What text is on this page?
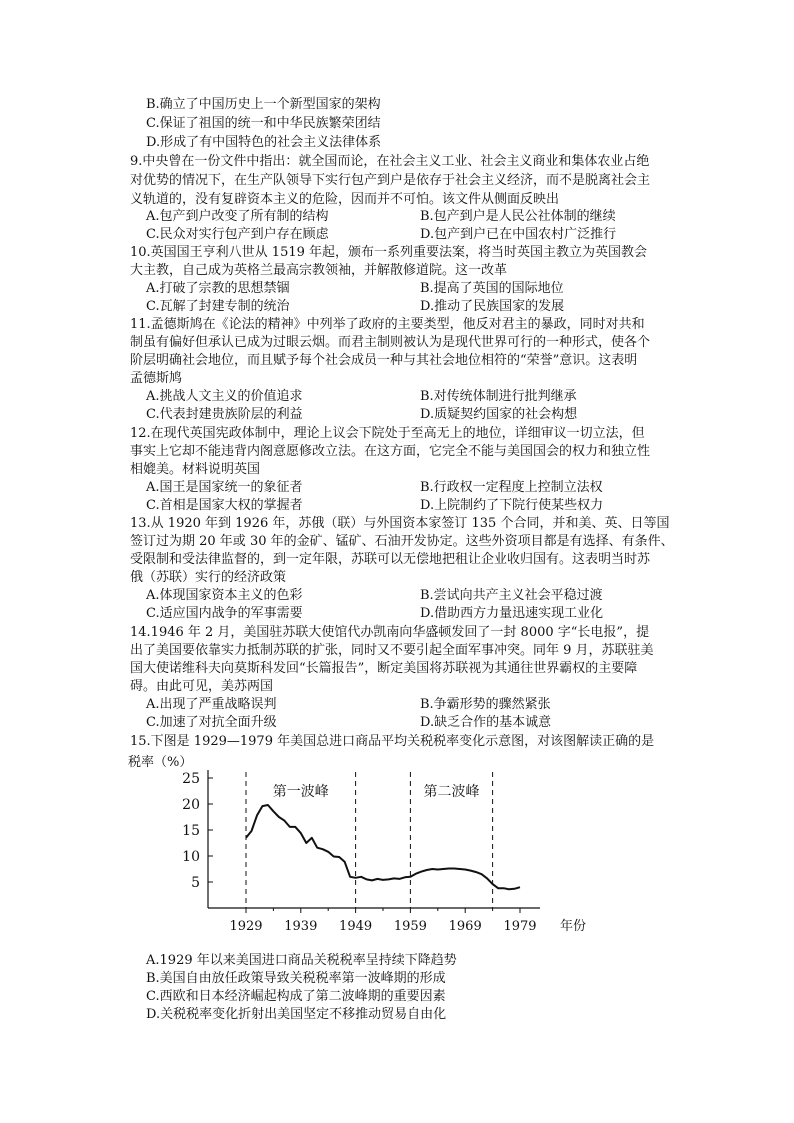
B.确立了中国历史上一个新型国家的架构
C.保证了祖国的统一和中华民族繁荣团结
D.形成了有中国特色的社会主义法律体系
9.中央曾在一份文件中指出：就全国而论，在社会主义工业、社会主义商业和集体农业占绝
对优势的情况下，在生产队领导下实行包产到户是依存于社会主义经济，而不是脱离社会主
义轨道的，没有复辟资本主义的危险，因而并不可怕。该文件从侧面反映出
A.包产到户改变了所有制的结构	B.包产到户是人民公社体制的继续
C.民众对实行包产到户存在顾虑	D.包产到户已在中国农村广泛推行
10.英国国王亨利八世从 1519 年起，颁布一系列重要法案，将当时英国主教立为英国教会
大主教，自己成为英格兰最高宗教领袖，并解散修道院。这一改革
A.打破了宗教的思想禁锢	B.提高了英国的国际地位
C.瓦解了封建专制的统治	D.推动了民族国家的发展
11.孟德斯鸠在《论法的精神》中列举了政府的主要类型，他反对君主的暴政，同时对共和
制虽有偏好但承认已成为过眼云烟。而君主制则被认为是现代世界可行的一种形式，使各个
阶层明确社会地位，而且赋予每个社会成员一种与其社会地位相符的“荣誉”意识。这表明
孟德斯鸠
A.挑战人文主义的价值追求	B.对传统体制进行批判继承
C.代表封建贵族阶层的利益	D.质疑契约国家的社会构想
12.在现代英国宪政体制中，理论上议会下院处于至高无上的地位，详细审议一切立法，但
事实上它却不能违背内阁意愿修改立法。在这方面，它完全不能与美国国会的权力和独立性
相媲美。材料说明英国
A.国王是国家统一的象征者	B.行政权一定程度上控制立法权
C.首相是国家大权的掌握者	D.上院制约了下院行使某些权力
13.从 1920 年到 1926 年，苏俄（联）与外国资本家签订 135 个合同，并和美、英、日等国
签订过为期 20 年或 30 年的金矿、锰矿、石油开发协定。这些外资项目都是有选择、有条件、
受限制和受法律监督的，到一定年限，苏联可以无偿地把租让企业收归国有。这表明当时苏
俄（苏联）实行的经济政策
A.体现国家资本主义的色彩	B.尝试向共产主义社会平稳过渡
C.适应国内战争的军事需要	D.借助西方力量迅速实现工业化
14.1946 年 2 月，美国驻苏联大使馆代办凯南向华盛顿发回了一封 8000 字“长电报”，提
出了美国要依靠实力抵制苏联的扩张，同时又不要引起全面军事冲突。同年 9 月，苏联驻美
国大使诺维科夫向莫斯科发回“长篇报告”，断定美国将苏联视为其通往世界霸权的主要障
碍。由此可见，美苏两国
A.出现了严重战略误判	B.争霸形势的骤然紧张
C.加速了对抗全面升级	D.缺乏合作的基本诚意
15.下图是 1929—1979 年美国总进口商品平均关税税率变化示意图，对该图解读正确的是
税率（%）
5
10
15
20
25
1929 1939 1949 1959 1969 1979 年份
第一波峰	第二波峰
A.1929 年以来美国进口商品关税税率呈持续下降趋势
B.美国自由放任政策导致关税税率第一波峰期的形成
C.西欧和日本经济崛起构成了第二波峰期的重要因素
D.关税税率变化折射出美国坚定不移推动贸易自由化
